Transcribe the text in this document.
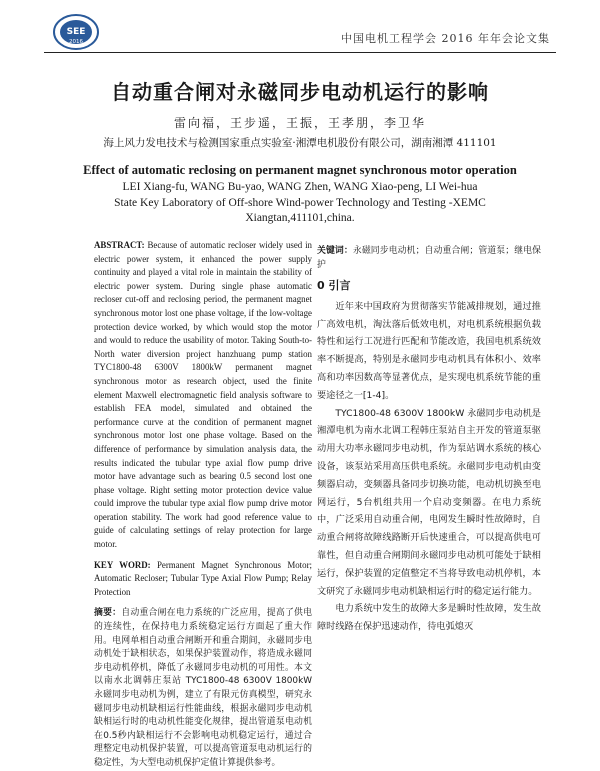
SEE
2016	中国电机工程学会 2016 年年会论文集
自动重合闸对永磁同步电动机运行的影响
雷向福，王步遥，王振，王孝朋，李卫华
海上风力发电技术与检测国家重点实验室·湘潭电机股份有限公司，湖南湘潭 411101
Effect of automatic reclosing on permanent magnet synchronous motor operation
LEI Xiang-fu, WANG Bu-yao, WANG Zhen, WANG Xiao-peng, LI Wei-hua
State Key Laboratory of Off-shore Wind-power Technology and Testing -XEMC
Xiangtan,411101,china.

ABSTRACT: Because of automatic recloser widely used in electric power system, it enhanced the power supply continuity and played a vital role in maintain the stability of electric power system. During single phase automatic recloser cut-off and reclosing period, the permanent magnet synchronous motor lost one phase voltage, if the low-voltage protection device worked, by which would stop the motor and would to reduce the usability of motor. Taking South-to-North water diversion project hanzhuang pump station TYC1800-48 6300V 1800kW permanent magnet synchronous motor as research object, used the finite element Maxwell electromagnetic field analysis software to establish FEA model, simulated and obtained the performance curve at the condition of permanent magnet synchronous motor lost one phase voltage. Based on the difference of performance by simulation analysis data, the results indicated the tubular type axial flow pump drive motor have advantage such as bearing 0.5 second lost one phase voltage. Right setting motor protection device value could improve the tubular type axial flow pump drive motor operation stability. The work had good reference value to guide of calculating settings of relay protection for large motor.

KEY WORD: Permanent Magnet Synchronous Motor; Automatic Recloser; Tubular Type Axial Flow Pump; Relay Protection

摘要：自动重合闸在电力系统的广泛应用，提高了供电的连续性，在保持电力系统稳定运行方面起了重大作用。电网单相自动重合闸断开和重合期间，永磁同步电动机处于缺相状态，如果保护装置动作，将造成永磁同步电动机停机，降低了永磁同步电动机的可用性。本文以南水北调韩庄泵站 TYC1800-48 6300V 1800kW 永磁同步电动机为例，建立了有限元仿真模型，研究永磁同步电动机缺相运行性能曲线，根据永磁同步电动机缺相运行时的电动机性能变化规律，提出管道泵电动机在0.5秒内缺相运行不会影响电动机稳定运行，通过合理整定电动机保护装置，可以提高管道泵电动机运行的稳定性，为大型电动机保护定值计算提供参考。

关键词：永磁同步电动机；自动重合闸；管道泵；继电保护

0 引言

近年来中国政府为贯彻落实节能减排规划，通过推广高效电机，淘汰落后低效电机，对电机系统根据负载特性和运行工况进行匹配和节能改造，我国电机系统效率不断提高，特别是永磁同步电动机具有体积小、效率高和功率因数高等显著优点，是实现电机系统节能的重要途径之一[1-4]。

TYC1800-48 6300V 1800kW 永磁同步电动机是湘潭电机为南水北调工程韩庄泵站自主开发的管道泵驱动用大功率永磁同步电动机，作为泵站调水系统的核心设备，该泵站采用高压供电系统。永磁同步电动机由变频器启动，变频器具备同步切换功能，电动机切换至电网运行，5台机组共用一个启动变频器。在电力系统中，广泛采用自动重合闸，电网发生瞬时性故障时，自动重合闸将故障线路断开后快速重合，可以提高供电可靠性，但自动重合闸期间永磁同步电动机可能处于缺相运行，保护装置的定值整定不当将导致电动机停机，本文研究了永磁同步电动机缺相运行时的稳定运行能力。

电力系统中发生的故障大多是瞬时性故障，发生故障时线路在保护迅速动作，待电弧熄灭
